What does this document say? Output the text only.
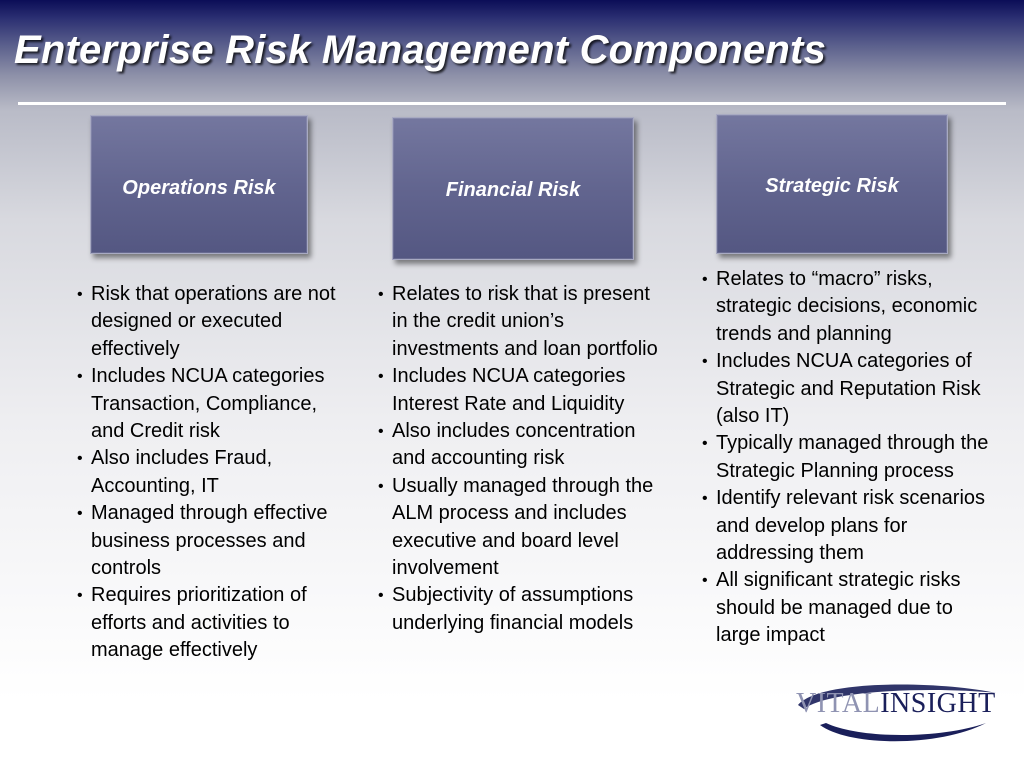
Enterprise Risk Management Components
Operations Risk	Financial Risk	Strategic Risk
• Risk that operations are not designed or executed effectively
• Includes NCUA categories Transaction, Compliance, and Credit risk
• Also includes Fraud, Accounting, IT
• Managed through effective business processes and controls
• Requires prioritization of efforts and activities to manage effectively
• Relates to risk that is present in the credit union’s investments and loan portfolio
• Includes NCUA categories Interest Rate and Liquidity
• Also includes concentration and accounting risk
• Usually managed through the ALM process and includes executive and board level involvement
• Subjectivity of assumptions underlying financial models
• Relates to “macro” risks, strategic decisions, economic trends and planning
• Includes NCUA categories of Strategic and Reputation Risk (also IT)
• Typically managed through the Strategic Planning process
• Identify relevant risk scenarios and develop plans for addressing them
• All significant strategic risks should be managed due to large impact
VITALINSIGHT
